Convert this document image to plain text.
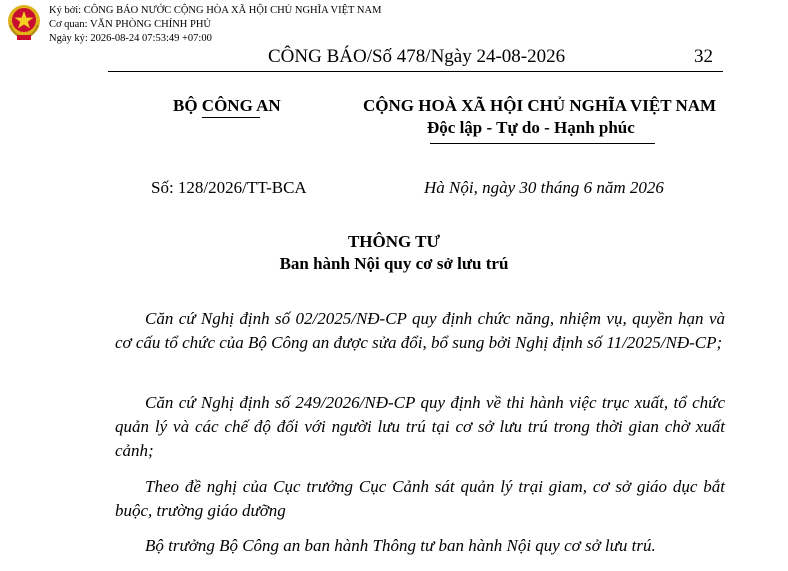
Ký bởi: CÔNG BÁO NƯỚC CỘNG HÒA XÃ HỘI CHỦ NGHĨA VIỆT NAM
Cơ quan: VĂN PHÒNG CHÍNH PHỦ
Ngày ký: 2026-08-24 07:53:49 +07:00
CÔNG BÁO/Số 478/Ngày 24-08-2026	32
BỘ CÔNG AN	CỘNG HOÀ XÃ HỘI CHỦ NGHĨA VIỆT NAM
Độc lập - Tự do - Hạnh phúc
Số: 128/2026/TT-BCA	Hà Nội, ngày 30 tháng 6 năm 2026
THÔNG TƯ
Ban hành Nội quy cơ sở lưu trú

Căn cứ Nghị định số 02/2025/NĐ-CP quy định chức năng, nhiệm vụ, quyền hạn và cơ cấu tổ chức của Bộ Công an được sửa đổi, bổ sung bởi Nghị định số 11/2025/NĐ-CP;

Căn cứ Nghị định số 249/2026/NĐ-CP quy định về thi hành việc trục xuất, tổ chức quản lý và các chế độ đối với người lưu trú tại cơ sở lưu trú trong thời gian chờ xuất cảnh;

Theo đề nghị của Cục trưởng Cục Cảnh sát quản lý trại giam, cơ sở giáo dục bắt buộc, trường giáo dưỡng

Bộ trưởng Bộ Công an ban hành Thông tư ban hành Nội quy cơ sở lưu trú.
